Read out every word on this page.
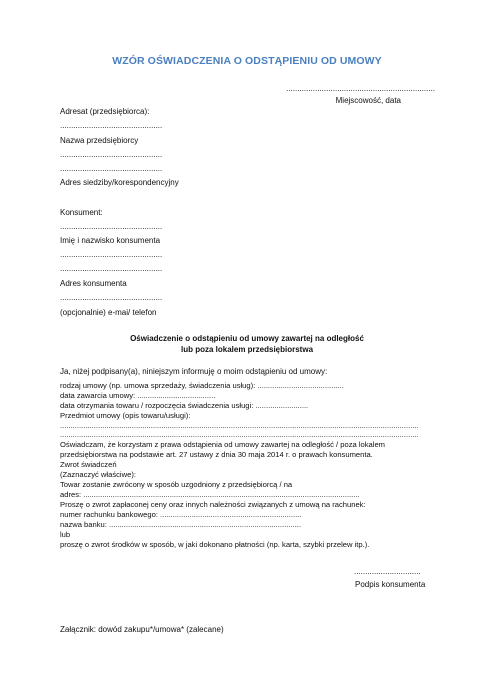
WZÓR OŚWIADCZENIA O ODSTĄPIENIU OD UMOWY
...................................................................
Miejscowość, data
Adresat (przedsiębiorca):
..............................................
Nazwa przedsiębiorcy
..............................................
..............................................
Adres siedziby/korespondencyjny
Konsument:
..............................................
Imię i nazwisko konsumenta
..............................................
..............................................
Adres konsumenta
..............................................
(opcjonalnie) e-mai/ telefon
Oświadczenie o odstąpieniu od umowy zawartej na odległość
lub poza lokalem przedsiębiorstwa
Ja, niżej podpisany(a), niniejszym informuję o moim odstąpieniu od umowy:
rodzaj umowy (np. umowa sprzedaży, świadczenia usług): .........................................
data zawarcia umowy: .....................................
data otrzymania towaru / rozpoczęcia świadczenia usługi: .........................
Przedmiot umowy (opis towaru/usługi):
..........................................................................................................................................................................
..........................................................................................................................................................................
Oświadczam, że korzystam z prawa odstąpienia od umowy zawartej na odległość / poza lokalem
przedsiębiorstwa na podstawie art. 27 ustawy z dnia 30 maja 2014 r. o prawach konsumenta.
Zwrot świadczeń
(Zaznaczyć właściwe):
Towar zostanie zwrócony w sposób uzgodniony z przedsiębiorcą / na
adres: ...................................................................................................................................
Proszę o zwrot zapłaconej ceny oraz innych należności związanych z umową na rachunek:
numer rachunku bankowego: ...................................................................
nazwa banku: ...........................................................................................
lub
proszę o zwrot środków w sposób, w jaki dokonano płatności (np. karta, szybki przelew itp.).
..............................
Podpis konsumenta
Załącznik: dowód zakupu*/umowa* (zalecane)
